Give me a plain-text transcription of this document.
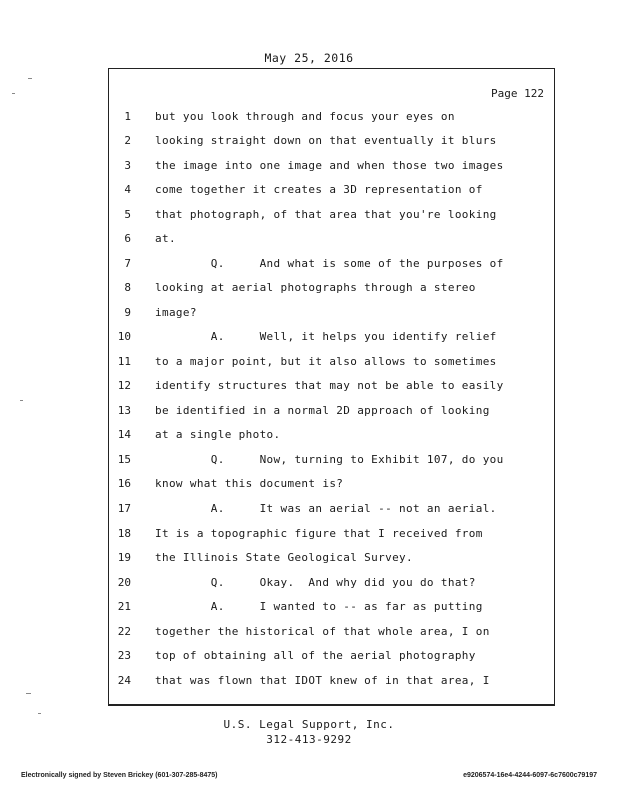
May 25, 2016
Page 122
1	but you look through and focus your eyes on
2	looking straight down on that eventually it blurs
3	the image into one image and when those two images
4	come together it creates a 3D representation of
5	that photograph, of that area that you're looking
6	at.
7	Q.     And what is some of the purposes of
8	looking at aerial photographs through a stereo
9	image?
10	A.     Well, it helps you identify relief
11	to a major point, but it also allows to sometimes
12	identify structures that may not be able to easily
13	be identified in a normal 2D approach of looking
14	at a single photo.
15	Q.     Now, turning to Exhibit 107, do you
16	know what this document is?
17	A.     It was an aerial -- not an aerial.
18	It is a topographic figure that I received from
19	the Illinois State Geological Survey.
20	Q.     Okay.  And why did you do that?
21	A.     I wanted to -- as far as putting
22	together the historical of that whole area, I on
23	top of obtaining all of the aerial photography
24	that was flown that IDOT knew of in that area, I
U.S. Legal Support, Inc.
312-413-9292
Electronically signed by Steven Brickey (601-307-285-8475)	e9206574-16e4-4244-6097-6c7600c79197
